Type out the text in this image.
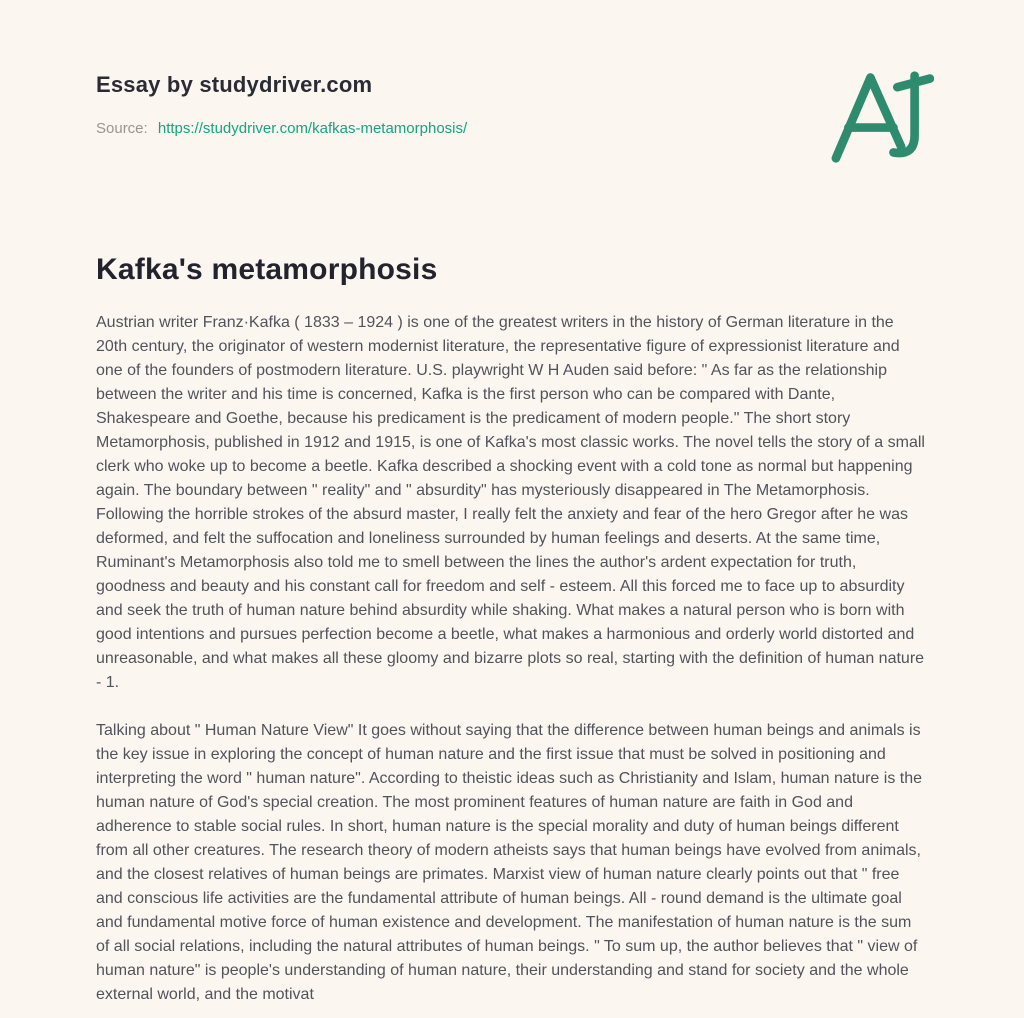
Essay by studydriver.com
Source: https://studydriver.com/kafkas-metamorphosis/
Kafka's metamorphosis

Austrian writer Franz·Kafka ( 1833 – 1924 ) is one of the greatest writers in the history of German literature in the 20th century, the originator of western modernist literature, the representative figure of expressionist literature and one of the founders of postmodern literature. U.S. playwright W H Auden said before: " As far as the relationship between the writer and his time is concerned, Kafka is the first person who can be compared with Dante, Shakespeare and Goethe, because his predicament is the predicament of modern people." The short story Metamorphosis, published in 1912 and 1915, is one of Kafka's most classic works. The novel tells the story of a small clerk who woke up to become a beetle. Kafka described a shocking event with a cold tone as normal but happening again. The boundary between " reality" and " absurdity" has mysteriously disappeared in The Metamorphosis. Following the horrible strokes of the absurd master, I really felt the anxiety and fear of the hero Gregor after he was deformed, and felt the suffocation and loneliness surrounded by human feelings and deserts. At the same time, Ruminant's Metamorphosis also told me to smell between the lines the author's ardent expectation for truth, goodness and beauty and his constant call for freedom and self - esteem. All this forced me to face up to absurdity and seek the truth of human nature behind absurdity while shaking. What makes a natural person who is born with good intentions and pursues perfection become a beetle, what makes a harmonious and orderly world distorted and unreasonable, and what makes all these gloomy and bizarre plots so real, starting with the definition of human nature - 1.

Talking about " Human Nature View" It goes without saying that the difference between human beings and animals is the key issue in exploring the concept of human nature and the first issue that must be solved in positioning and interpreting the word " human nature". According to theistic ideas such as Christianity and Islam, human nature is the human nature of God's special creation. The most prominent features of human nature are faith in God and adherence to stable social rules. In short, human nature is the special morality and duty of human beings different from all other creatures. The research theory of modern atheists says that human beings have evolved from animals, and the closest relatives of human beings are primates. Marxist view of human nature clearly points out that " free and conscious life activities are the fundamental attribute of human beings. All - round demand is the ultimate goal and fundamental motive force of human existence and development. The manifestation of human nature is the sum of all social relations, including the natural attributes of human beings. " To sum up, the author believes that " view of human nature" is people's understanding of human nature, their understanding and stand for society and the whole external world, and the motivat
